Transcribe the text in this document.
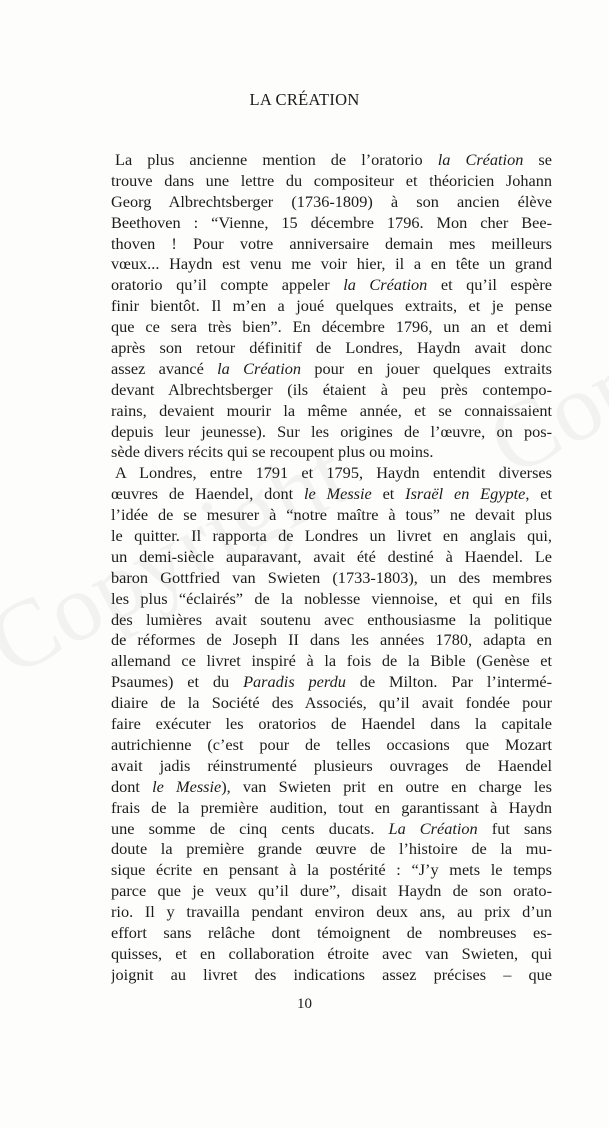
LA CRÉATION
La plus ancienne mention de l’oratorio la Création se
trouve dans une lettre du compositeur et théoricien Johann
Georg Albrechtsberger (1736-1809) à son ancien élève
Beethoven : “Vienne, 15 décembre 1796. Mon cher Bee-
thoven ! Pour votre anniversaire demain mes meilleurs
vœux... Haydn est venu me voir hier, il a en tête un grand
oratorio qu’il compte appeler la Création et qu’il espère
finir bientôt. Il m’en a joué quelques extraits, et je pense
que ce sera très bien”. En décembre 1796, un an et demi
après son retour définitif de Londres, Haydn avait donc
assez avancé la Création pour en jouer quelques extraits
devant Albrechtsberger (ils étaient à peu près contempo-
rains, devaient mourir la même année, et se connaissaient
depuis leur jeunesse). Sur les origines de l’œuvre, on pos-
sède divers récits qui se recoupent plus ou moins.
A Londres, entre 1791 et 1795, Haydn entendit diverses
œuvres de Haendel, dont le Messie et Israël en Egypte, et
l’idée de se mesurer à “notre maître à tous” ne devait plus
le quitter. Il rapporta de Londres un livret en anglais qui,
un demi-siècle auparavant, avait été destiné à Haendel. Le
baron Gottfried van Swieten (1733-1803), un des membres
les plus “éclairés” de la noblesse viennoise, et qui en fils
des lumières avait soutenu avec enthousiasme la politique
de réformes de Joseph II dans les années 1780, adapta en
allemand ce livret inspiré à la fois de la Bible (Genèse et
Psaumes) et du Paradis perdu de Milton. Par l’intermé-
diaire de la Société des Associés, qu’il avait fondée pour
faire exécuter les oratorios de Haendel dans la capitale
autrichienne (c’est pour de telles occasions que Mozart
avait jadis réinstrumenté plusieurs ouvrages de Haendel
dont le Messie), van Swieten prit en outre en charge les
frais de la première audition, tout en garantissant à Haydn
une somme de cinq cents ducats. La Création fut sans
doute la première grande œuvre de l’histoire de la mu-
sique écrite en pensant à la postérité : “J’y mets le temps
parce que je veux qu’il dure”, disait Haydn de son orato-
rio. Il y travailla pendant environ deux ans, au prix d’un
effort sans relâche dont témoignent de nombreuses es-
quisses, et en collaboration étroite avec van Swieten, qui
joignit au livret des indications assez précises – que
10
